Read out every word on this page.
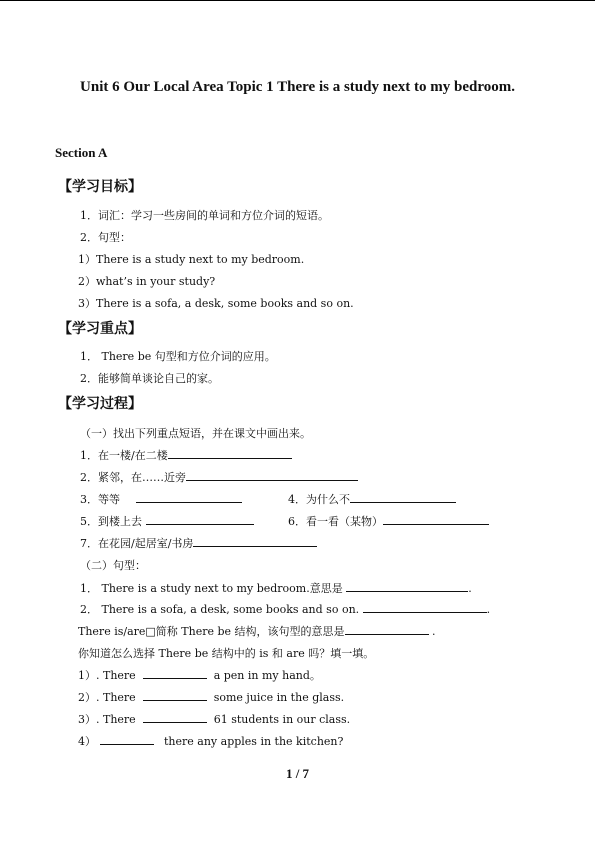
Unit 6 Our Local Area Topic 1 There is a study next to my bedroom.
Section A
【学习目标】
1．词汇：学习一些房间的单词和方位介词的短语。
2．句型：
1）There is a study next to my bedroom.
2）what’s in your study?
3）There is a sofa, a desk, some books and so on.
【学习重点】
1． There be 句型和方位介词的应用。
2．能够简单谈论自己的家。
【学习过程】
（一）找出下列重点短语，并在课文中画出来。
1．在一楼/在二楼
2．紧邻，在……近旁
3．等等	4．为什么不
5．到楼上去	6．看一看（某物）
7．在花园/起居室/书房
（二）句型：
1． There is a study next to my bedroom.意思是	.
2． There is a sofa, a desk, some books and so on.	.
There is/are□简称 There be 结构，该句型的意思是	.
你知道怎么选择 There be 结构中的 is 和 are 吗？填一填。
1）. There	a pen in my hand。
2）. There	some juice in the glass.
3）. There	61 students in our class.
4）	there any apples in the kitchen?
1 / 7
